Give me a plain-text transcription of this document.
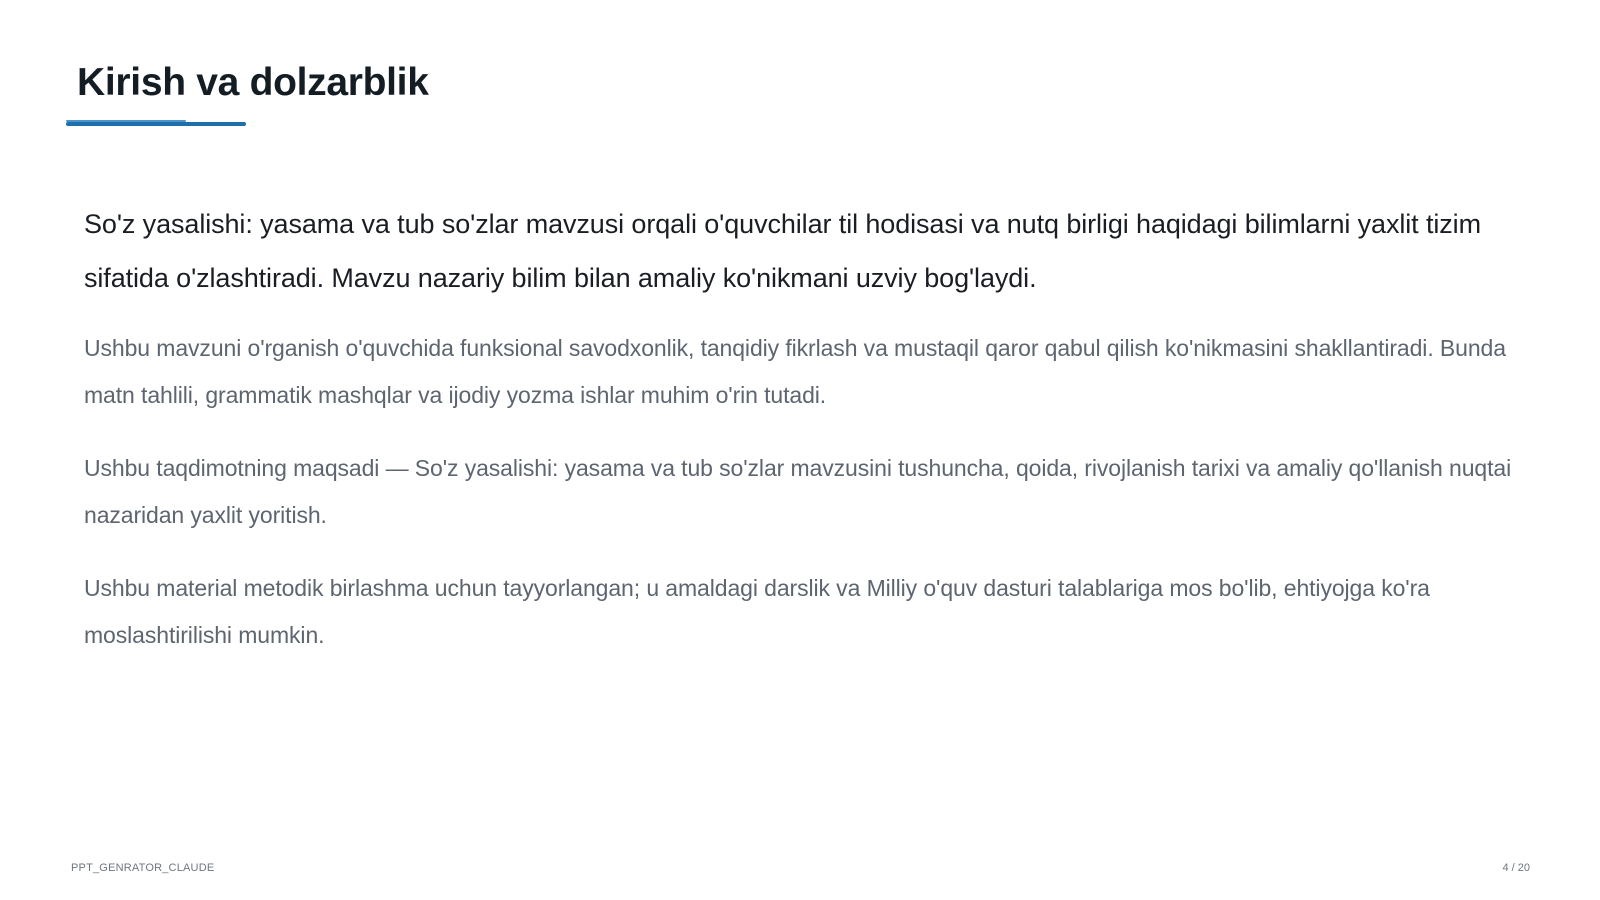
Kirish va dolzarblik

So'z yasalishi: yasama va tub so'zlar mavzusi orqali o'quvchilar til hodisasi va nutq birligi haqidagi bilimlarni yaxlit tizim sifatida o'zlashtiradi. Mavzu nazariy bilim bilan amaliy ko'nikmani uzviy bog'laydi.

Ushbu mavzuni o'rganish o'quvchida funksional savodxonlik, tanqidiy fikrlash va mustaqil qaror qabul qilish ko'nikmasini shakllantiradi. Bunda matn tahlili, grammatik mashqlar va ijodiy yozma ishlar muhim o'rin tutadi.

Ushbu taqdimotning maqsadi — So'z yasalishi: yasama va tub so'zlar mavzusini tushuncha, qoida, rivojlanish tarixi va amaliy qo'llanish nuqtai nazaridan yaxlit yoritish.

Ushbu material metodik birlashma uchun tayyorlangan; u amaldagi darslik va Milliy o'quv dasturi talablariga mos bo'lib, ehtiyojga ko'ra moslashtirilishi mumkin.

PPT_GENRATOR_CLAUDE	4 / 20
